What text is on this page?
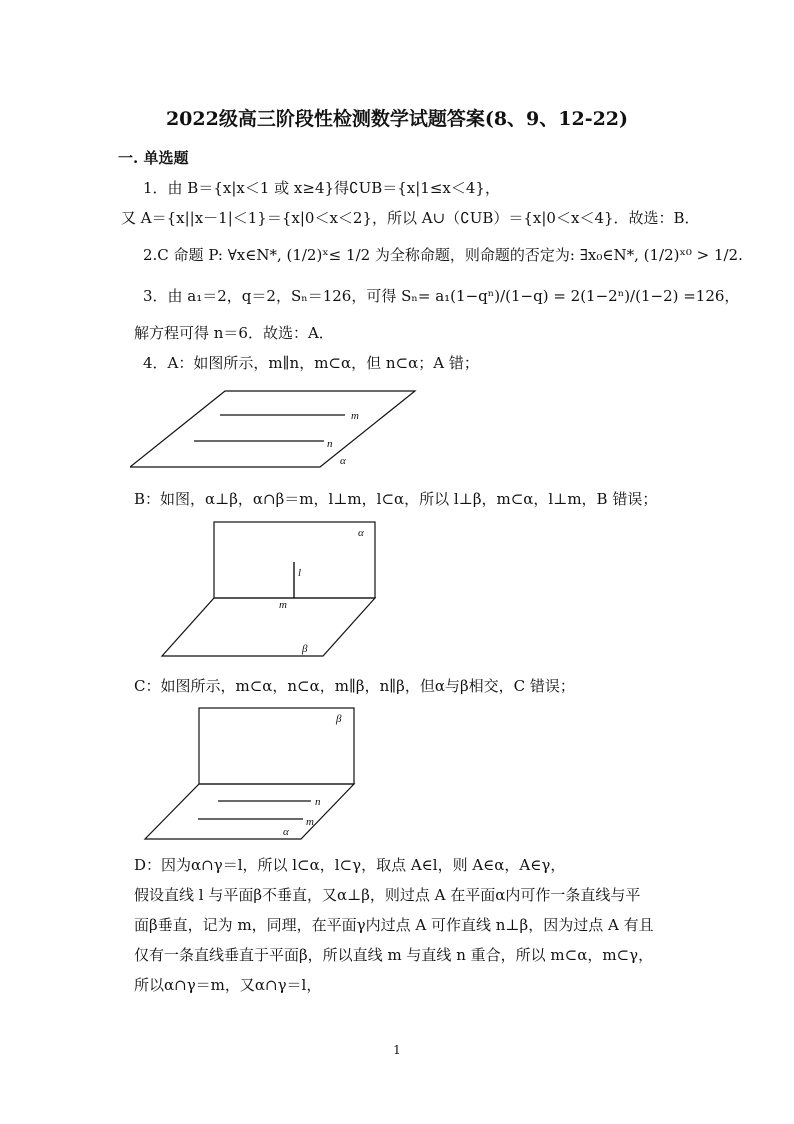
2022级高三阶段性检测数学试题答案(8、9、12-22)
一. 单选题
1．由 B＝{x|x＜1 或 x≥4}得∁UB＝{x|1≤x＜4}，
又 A＝{x||x－1|＜1}＝{x|0＜x＜2}，所以 A∪（∁UB）＝{x|0＜x＜4}．故选：B．
2.C 命题 P: ∀x∈N*, (1/2)ˣ≤ 1/2 为全称命题，则命题的否定为: ∃x₀∈N*, (1/2)ˣ⁰ > 1/2.
3．由 a₁＝2，q＝2，Sₙ＝126，可得 Sₙ= a₁(1−qⁿ)/(1−q) = 2(1−2ⁿ)/(1−2) =126，
解方程可得 n＝6．故选：A．
4．A：如图所示，m∥n，m⊂α，但 n⊂α；A 错；
m
n
α
B：如图，α⊥β，α∩β＝m，l⊥m，l⊂α，所以 l⊥β，m⊂α，l⊥m，B 错误；
α
l
m
β
C：如图所示，m⊂α，n⊂α，m∥β，n∥β，但α与β相交，C 错误；
β
n
m
α
D：因为α∩γ＝l，所以 l⊂α，l⊂γ，取点 A∈l，则 A∈α，A∈γ，
假设直线 l 与平面β不垂直，又α⊥β，则过点 A 在平面α内可作一条直线与平
面β垂直，记为 m，同理，在平面γ内过点 A 可作直线 n⊥β，因为过点 A 有且
仅有一条直线垂直于平面β，所以直线 m 与直线 n 重合，所以 m⊂α，m⊂γ，
所以α∩γ＝m，又α∩γ＝l，
1
